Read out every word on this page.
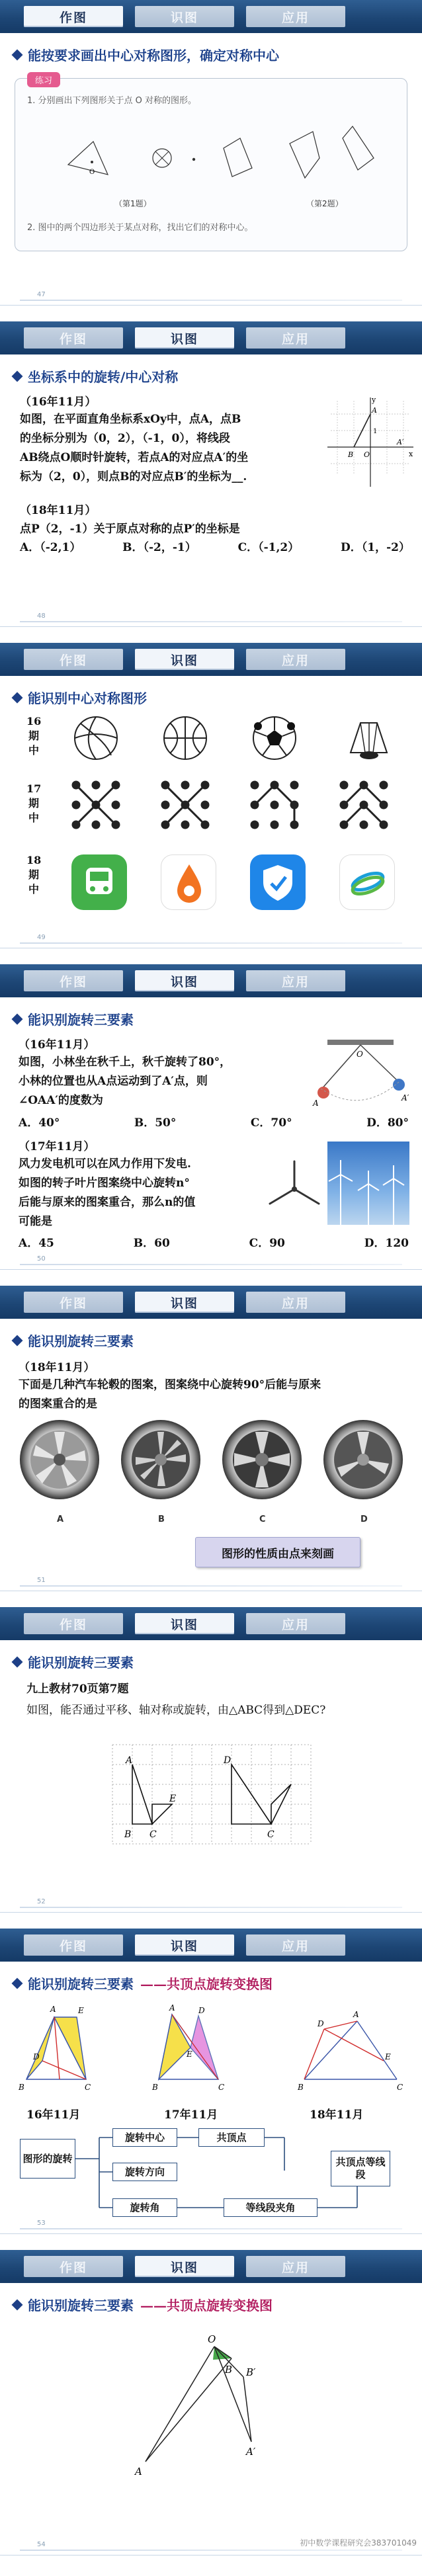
作图	识图	应用
能按要求画出中心对称图形，确定对称中心
练习
1. 分别画出下列图形关于点 O 对称的图形。
O
（第1题）	（第2题）
2. 图中的两个四边形关于某点对称，找出它们的对称中心。
47
作图	识图	应用
坐标系中的旋转/中心对称
（16年11月）
如图，在平面直角坐标系xOy中，点A，点B
的坐标分别为（0，2），（-1，0），将线段
AB绕点O顺时针旋转，若点A的对应点A′的坐
标为（2，0），则点B的对应点B′的坐标为__.
y
x
A
B
A′
O
1
（18年11月）
点P（2，-1）关于原点对称的点P′的坐标是
A．（-2,1）	B．（-2，-1）	C．（-1,2）	D．（1，-2）
48
作图	识图	应用
能识别中心对称图形
16期中
17期中
18期中
49
作图	识图	应用
能识别旋转三要素
（16年11月）
如图，小林坐在秋千上，秋千旋转了80°，
小林的位置也从A点运动到了A′点，则
∠OAA′的度数为
A．40°	B．50°	C．70°	D．80°
O
A
A′
（17年11月）
风力发电机可以在风力作用下发电.
如图的转子叶片图案绕中心旋转n°
后能与原来的图案重合，那么n的值
可能是
A．45	B．60	C．90	D．120
50
作图	识图	应用
能识别旋转三要素
（18年11月）
下面是几种汽车轮毂的图案，图案绕中心旋转90°后能与原来
的图案重合的是
A	B	C	D
图形的性质由点来刻画
51
作图	识图	应用
能识别旋转三要素
九上教材70页第7题
如图，能否通过平移、轴对称或旋转，由△ABC得到△DEC?
A
B C
D
E
C
52
作图	识图	应用
能识别旋转三要素 ——共顶点旋转变换图
B	C
A	E
D
A
B	C
D
E
A
B	C
D
E
16年11月	17年11月	18年11月
图形的旋转
旋转中心
旋转方向
旋转角
共顶点
等线段夹角
共顶点等线段
53
作图	识图	应用
能识别旋转三要素 ——共顶点旋转变换图
O
A
B
A′
B′
54	初中数学课程研究会383701049
